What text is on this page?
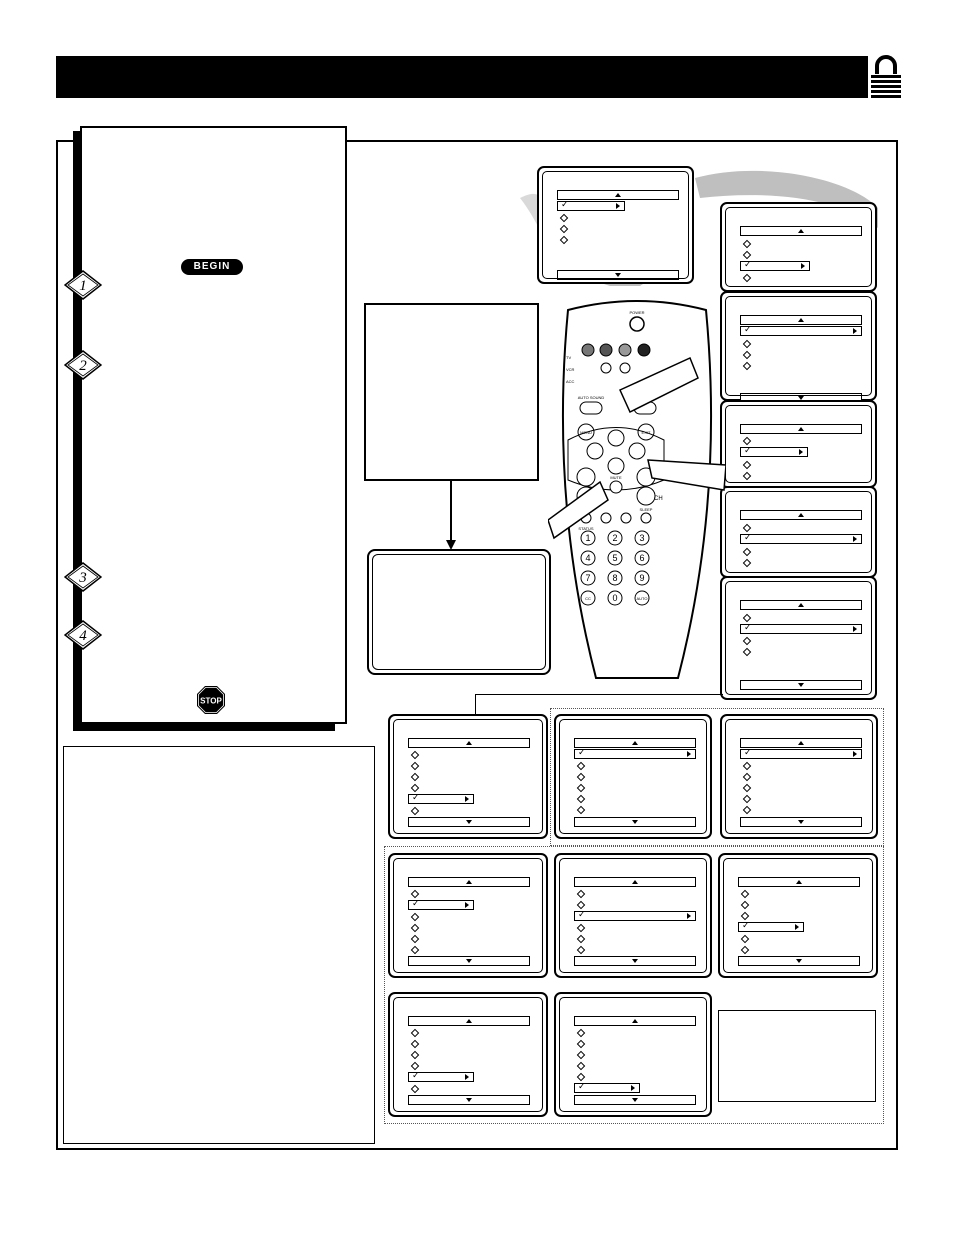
BEGIN
1
2
3
4
STOP
✓
✓
✓
✓
✓
✓
✓
✓
✓
✓
✓
✓
✓
✓
POWER
TV
VCR
ACC
AUTO SOUND
MENU	EXIT
MUTE
CH
SLEEP
STATUS
1 2 3
4 5 6
7 8 9
CC 0	AUTO
